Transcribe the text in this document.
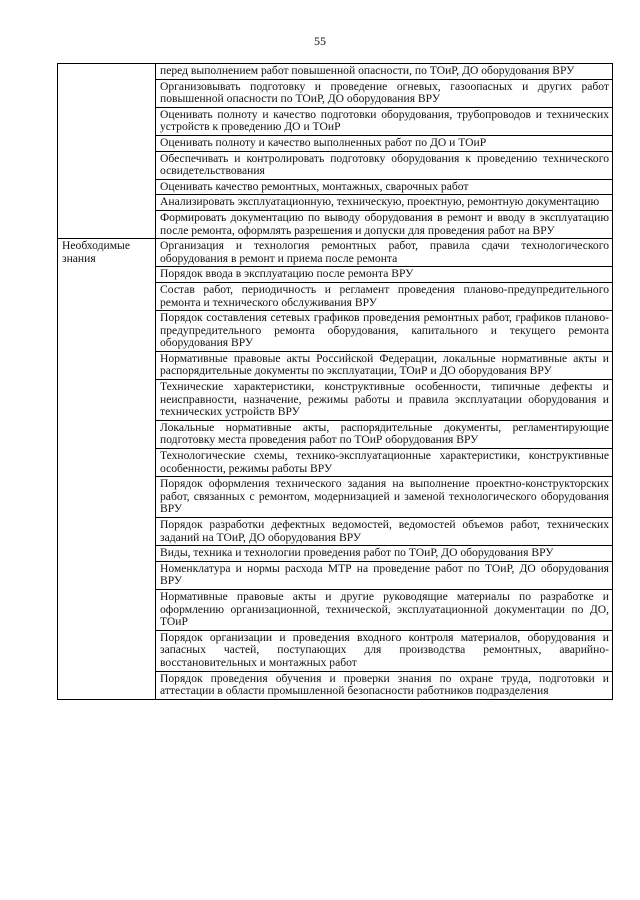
55
	перед выполнением работ повышенной опасности, по ТОиР, ДО оборудования ВРУ
	Организовывать подготовку и проведение огневых, газоопасных и других работ повышенной опасности по ТОиР, ДО оборудования ВРУ
	Оценивать полноту и качество подготовки оборудования, трубопроводов и технических устройств к проведению ДО и ТОиР
	Оценивать полноту и качество выполненных работ по ДО и ТОиР
	Обеспечивать и контролировать подготовку оборудования к проведению технического освидетельствования
	Оценивать качество ремонтных, монтажных, сварочных работ
	Анализировать эксплуатационную, техническую, проектную, ремонтную документацию
	Формировать документацию по выводу оборудования в ремонт и вводу в эксплуатацию после ремонта, оформлять разрешения и допуски для проведения работ на ВРУ
Необходимые знания	Организация и технология ремонтных работ, правила сдачи технологического оборудования в ремонт и приема после ремонта
	Порядок ввода в эксплуатацию после ремонта ВРУ
	Состав работ, периодичность и регламент проведения планово-предупредительного ремонта и технического обслуживания ВРУ
	Порядок составления сетевых графиков проведения ремонтных работ, графиков планово-предупредительного ремонта оборудования, капитального и текущего ремонта оборудования ВРУ
	Нормативные правовые акты Российской Федерации, локальные нормативные акты и распорядительные документы по эксплуатации, ТОиР и ДО оборудования ВРУ
	Технические характеристики, конструктивные особенности, типичные дефекты и неисправности, назначение, режимы работы и правила эксплуатации оборудования и технических устройств ВРУ
	Локальные нормативные акты, распорядительные документы, регламентирующие подготовку места проведения работ по ТОиР оборудования ВРУ
	Технологические схемы, технико-эксплуатационные характеристики, конструктивные особенности, режимы работы ВРУ
	Порядок оформления технического задания на выполнение проектно-конструкторских работ, связанных с ремонтом, модернизацией и заменой технологического оборудования ВРУ
	Порядок разработки дефектных ведомостей, ведомостей объемов работ, технических заданий на ТОиР, ДО оборудования ВРУ
	Виды, техника и технологии проведения работ по ТОиР, ДО оборудования ВРУ
	Номенклатура и нормы расхода МТР на проведение работ по ТОиР, ДО оборудования ВРУ
	Нормативные правовые акты и другие руководящие материалы по разработке и оформлению организационной, технической, эксплуатационной документации по ДО, ТОиР
	Порядок организации и проведения входного контроля материалов, оборудования и запасных частей, поступающих для производства ремонтных, аварийно-восстановительных и монтажных работ
	Порядок проведения обучения и проверки знания по охране труда, подготовки и аттестации в области промышленной безопасности работников подразделения
